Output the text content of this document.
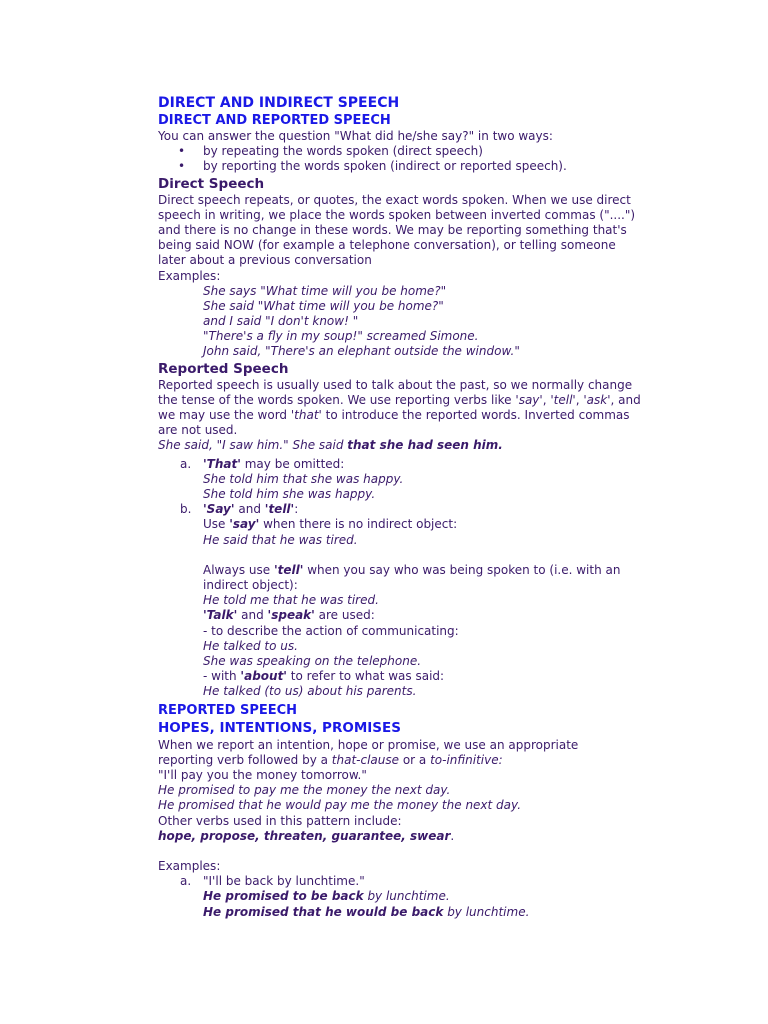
DIRECT AND INDIRECT SPEECH
DIRECT AND REPORTED SPEECH
You can answer the question "What did he/she say?" in two ways:
• by repeating the words spoken (direct speech)
• by reporting the words spoken (indirect or reported speech).
Direct Speech
Direct speech repeats, or quotes, the exact words spoken. When we use direct
speech in writing, we place the words spoken between inverted commas ("....")
and there is no change in these words. We may be reporting something that's
being said NOW (for example a telephone conversation), or telling someone
later about a previous conversation
Examples:
She says "What time will you be home?"
She said "What time will you be home?"
and I said "I don't know! "
"There's a fly in my soup!" screamed Simone.
John said, "There's an elephant outside the window."
Reported Speech
Reported speech is usually used to talk about the past, so we normally change
the tense of the words spoken. We use reporting verbs like 'say', 'tell', 'ask', and
we may use the word 'that' to introduce the reported words. Inverted commas
are not used.
She said, "I saw him." She said that she had seen him.
a. 'That' may be omitted:
She told him that she was happy.
She told him she was happy.
b. 'Say' and 'tell':
Use 'say' when there is no indirect object:
He said that he was tired.
Always use 'tell' when you say who was being spoken to (i.e. with an
indirect object):
He told me that he was tired.
'Talk' and 'speak' are used:
- to describe the action of communicating:
He talked to us.
She was speaking on the telephone.
- with 'about' to refer to what was said:
He talked (to us) about his parents.
REPORTED SPEECH
HOPES, INTENTIONS, PROMISES
When we report an intention, hope or promise, we use an appropriate
reporting verb followed by a that-clause or a to-infinitive:
"I'll pay you the money tomorrow."
He promised to pay me the money the next day.
He promised that he would pay me the money the next day.
Other verbs used in this pattern include:
hope, propose, threaten, guarantee, swear.
Examples:
a. "I'll be back by lunchtime."
He promised to be back by lunchtime.
He promised that he would be back by lunchtime.
